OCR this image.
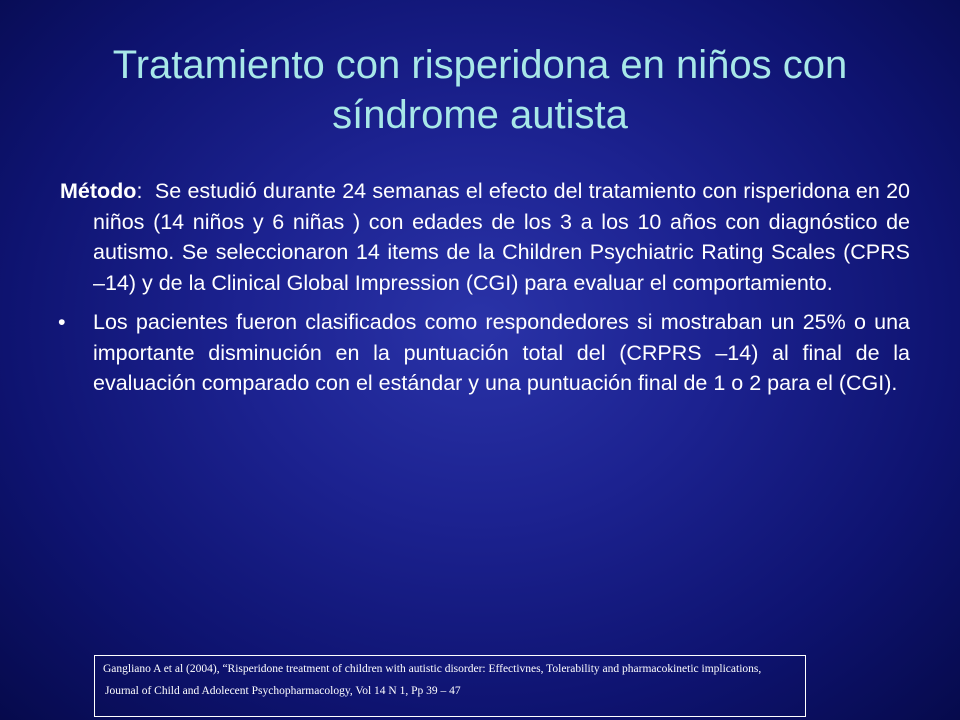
Tratamiento con risperidona en niños con síndrome autista
Método:  Se estudió durante 24 semanas el efecto del tratamiento con risperidona en 20 niños (14 niños y 6 niñas ) con edades de los 3 a los 10 años con diagnóstico de autismo. Se seleccionaron 14 items de la Children Psychiatric Rating Scales (CPRS –14) y de la Clinical Global Impression (CGI) para evaluar el comportamiento.
• Los pacientes fueron clasificados como respondedores si mostraban un 25% o una importante disminución en la puntuación total del (CRPRS –14) al final de la evaluación comparado con el estándar y una puntuación final de 1 o 2 para el (CGI).
Gangliano A et al (2004), “Risperidone treatment of children with autistic disorder: Effectivnes, Tolerability and pharmacokinetic implications,
Journal of Child and Adolecent Psychopharmacology, Vol 14 N 1, Pp 39 – 47
